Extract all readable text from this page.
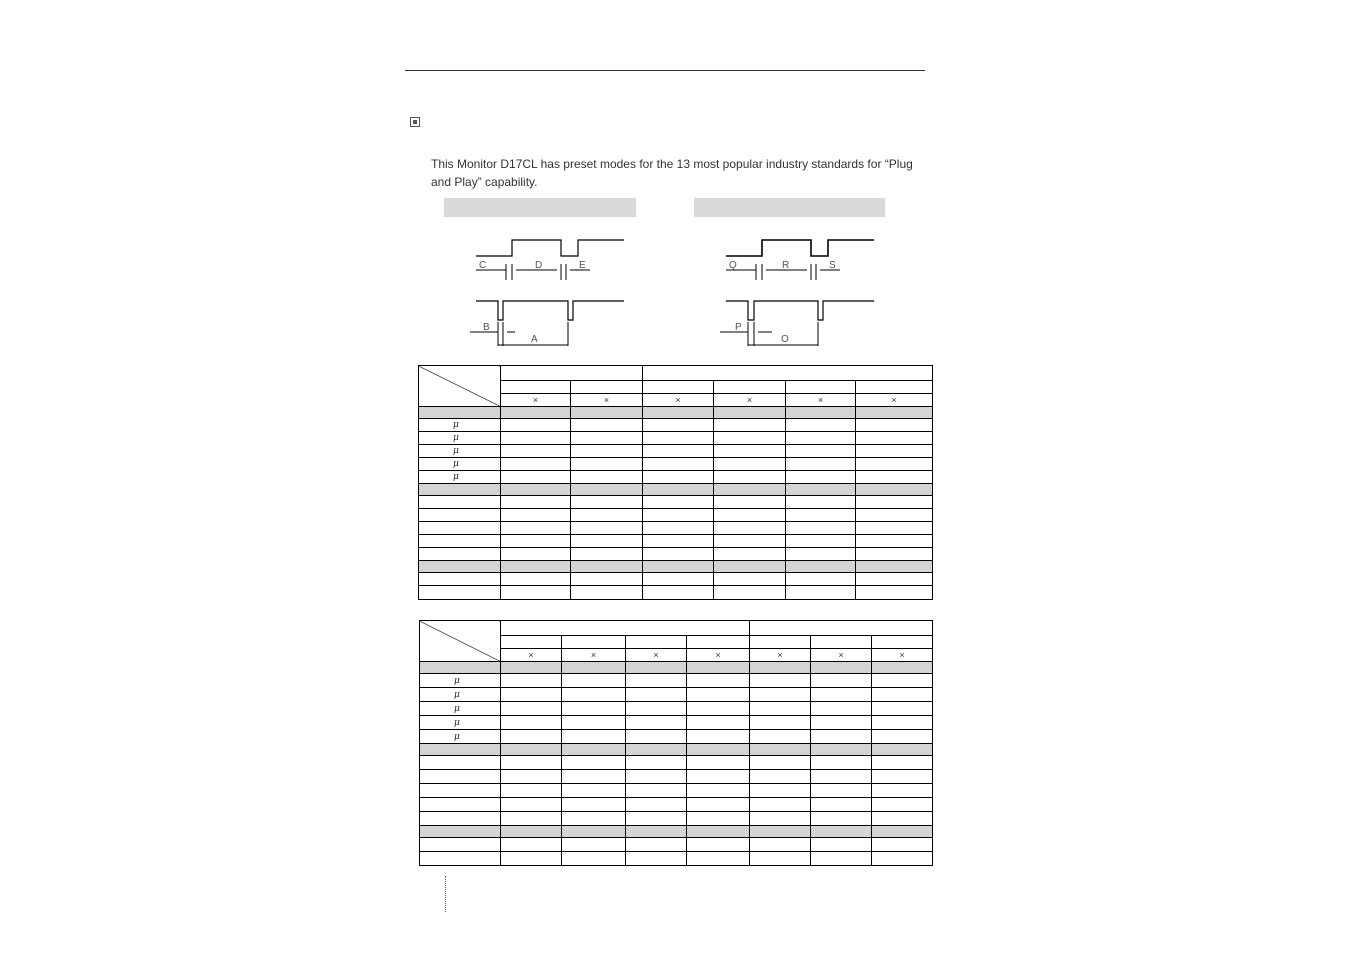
This Monitor D17CL has preset modes for the 13 most popular industry standards for “Plug and Play” capability.
C	D	E
B
A
Q	R	S
P
O

	×	×	×	×	×	×

μ						
μ						
μ						
μ						
μ						

	×	×	×	×	×	×	×

μ							
μ							
μ							
μ							
μ							
